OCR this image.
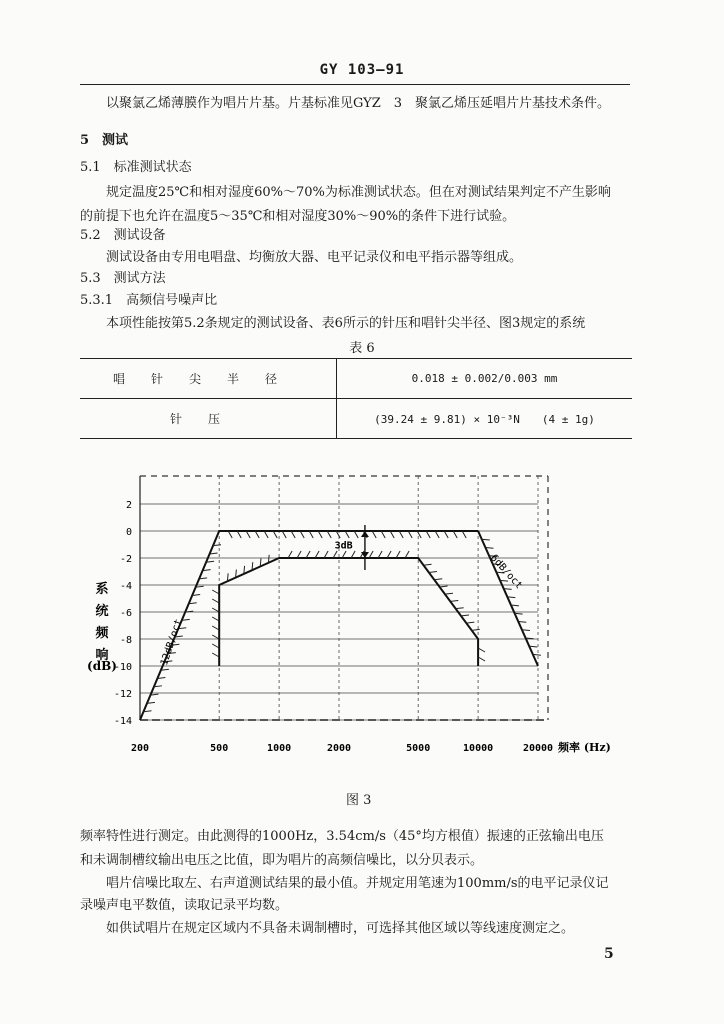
GY 103—91
以聚氯乙烯薄膜作为唱片片基。片基标准见GYZ　3　聚氯乙烯压延唱片片基技术条件。
5　测试
5.1　标准测试状态
规定温度25℃和相对湿度60%～70%为标准测试状态。但在对测试结果判定不产生影响
的前提下也允许在温度5～35℃和相对湿度30%～90%的条件下进行试验。
5.2　测试设备
测试设备由专用电唱盘、均衡放大器、电平记录仪和电平指示器等组成。
5.3　测试方法
5.3.1　高频信号噪声比
本项性能按第5.2条规定的测试设备、表6所示的针压和唱针尖半径、图3规定的系统
表 6
唱针尖半径	0.018 ± 0.002/0.003 mm
针压	(39.24 ± 9.81) × 10⁻³N　　(4 ± 1g)
2
0
-2
-4
-6
-8
-10
-12
-14
200	500	1000	2000	5000	10000	20000
12dB/oct
3dB
6dB/oct
系
统
频
响
(dB)
频率 (Hz)
图 3
频率特性进行测定。由此测得的1000Hz，3.54cm/s（45°均方根值）振速的正弦输出电压
和未调制槽纹输出电压之比值，即为唱片的高频信噪比，以分贝表示。
唱片信噪比取左、右声道测试结果的最小值。并规定用笔速为100mm/s的电平记录仪记
录噪声电平数值，读取记录平均数。
如供试唱片在规定区域内不具备未调制槽时，可选择其他区域以等线速度测定之。
5
